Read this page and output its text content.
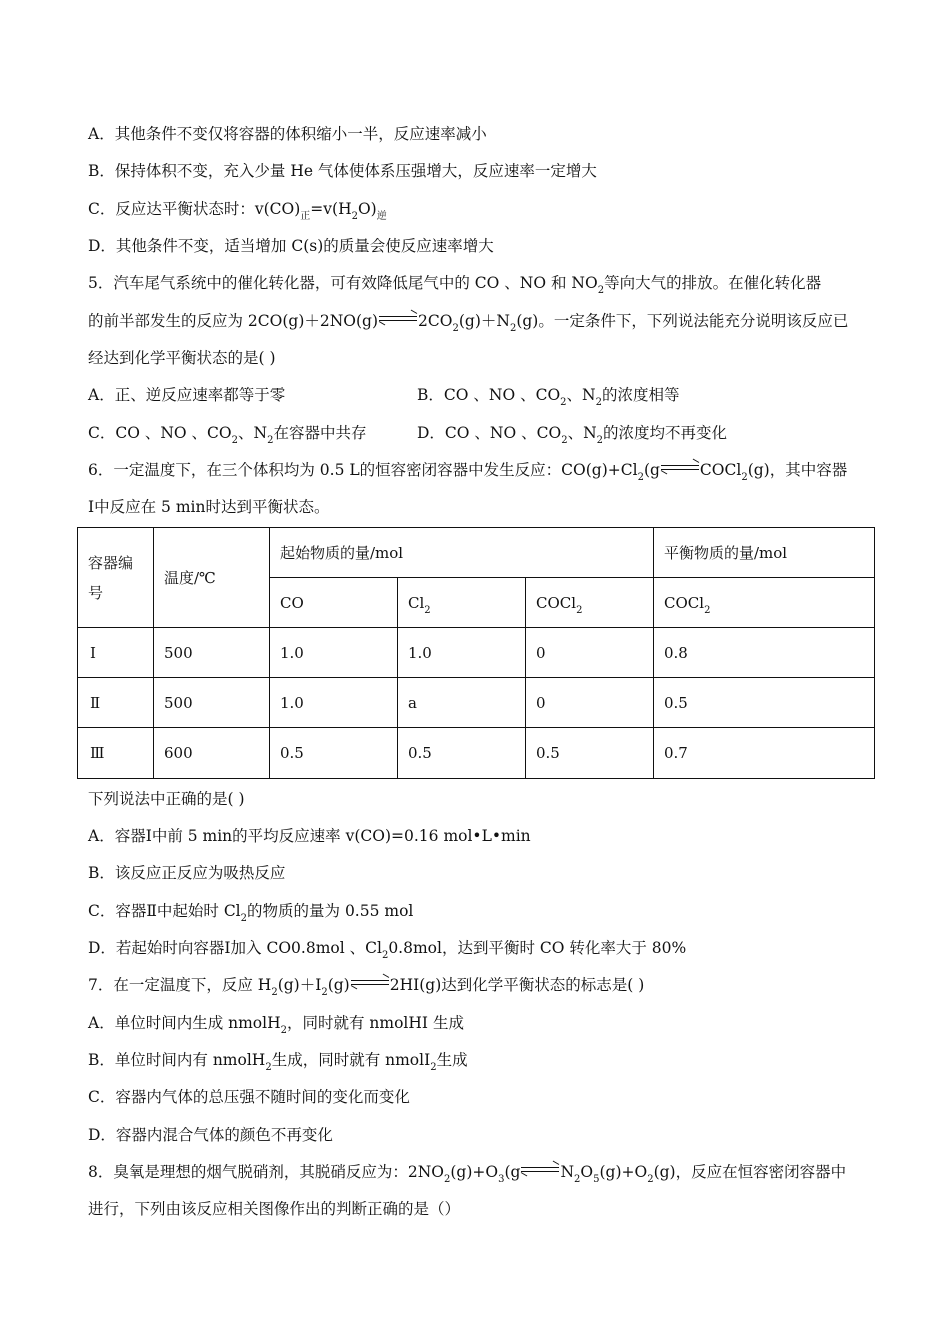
A．其他条件不变仅将容器的体积缩小一半，反应速率减小
B．保持体积不变，充入少量 He 气体使体系压强增大，反应速率一定增大
C．反应达平衡状态时：$v(CO)_正=v(H_2O)_逆$
D．其他条件不变，适当增加 C(s)的质量会使反应速率增大
5．汽车尾气系统中的催化转化器，可有效降低尾气中的 CO 、NO 和 $NO_2$等向大气的排放。在催化转化器
的前半部发生的反应为 2CO(g)＋2NO(g)	$2CO_2(g)+N_2(g)$。一定条件下，下列说法能充分说明该反应已
经达到化学平衡状态的是( )
A．正、逆反应速率都等于零	B．CO 、NO 、$CO_2$、$N_2$的浓度相等
C．CO 、NO 、$CO_2$、$N_2$在容器中共存	D．CO 、NO 、$CO_2$、$N_2$的浓度均不再变化
6．一定温度下，在三个体积均为 0.5 L的恒容密闭容器中发生反应：$CO(g)+Cl_2(g$	COCl$_2$(g)，其中容器
Ⅰ中反应在 5 min时达到平衡状态。
容器编号	温度/℃	起始物质的量/mol			平衡物质的量/mol
		CO	$Cl_2$	COCl$_2$	COCl$_2$
Ⅰ	500	1.0	1.0	0	0.8
Ⅱ	500	1.0	a	0	0.5
Ⅲ	600	0.5	0.5	0.5	0.7
下列说法中正确的是( )
A．容器Ⅰ中前 5 min的平均反应速率 v(CO)=0.16 mol•L•min
B．该反应正反应为吸热反应
C．容器Ⅱ中起始时 $Cl_2$的物质的量为 0.55 mol
D．若起始时向容器Ⅰ加入 CO0.8mol 、$Cl_20.8mol$，达到平衡时 CO 转化率大于 80%
7．在一定温度下，反应 $H_2(g)+I_2(g)$	2HI(g)达到化学平衡状态的标志是( )
A．单位时间内生成 nmolH$_2$，同时就有 nmolHI 生成
B．单位时间内有 nmolH$_2$生成，同时就有 nmolI$_2$生成
C．容器内气体的总压强不随时间的变化而变化
D．容器内混合气体的颜色不再变化
8．臭氧是理想的烟气脱硝剂，其脱硝反应为：$2NO_2(g)+O_3(g$	$N_2O_5(g)+O_2(g)$，反应在恒容密闭容器中
进行，下列由该反应相关图像作出的判断正确的是（）
